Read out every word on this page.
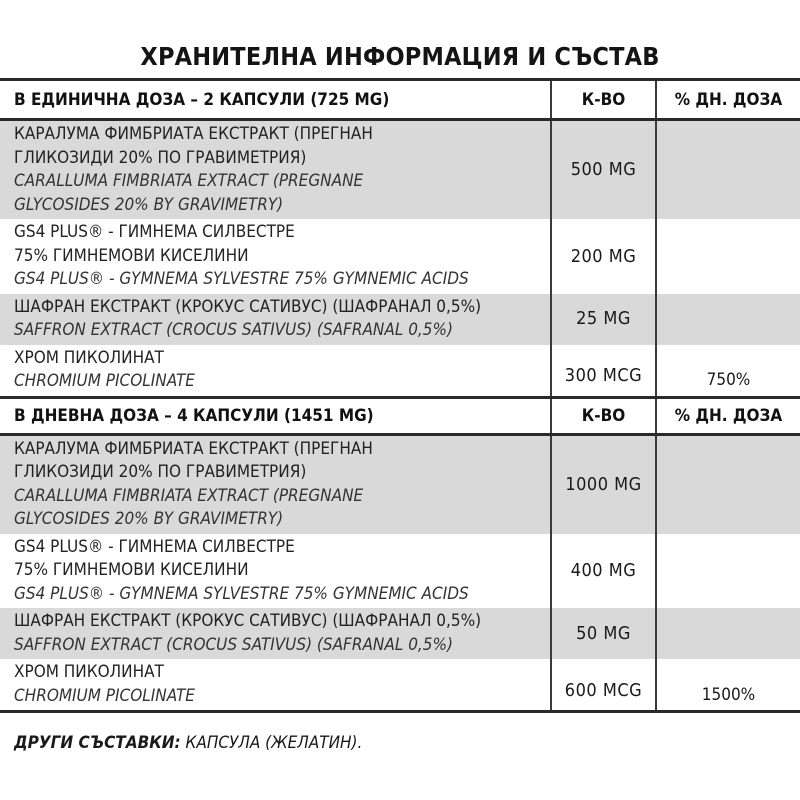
ХРАНИТЕЛНА ИНФОРМАЦИЯ И СЪСТАВ
В ЕДИНИЧНА ДОЗА – 2 КАПСУЛИ (725 MG)	К-ВО	% ДН. ДОЗА

КАРАЛУМА ФИМБРИАТА ЕКСТРАКТ (ПРЕГНАН
ГЛИКОЗИДИ 20% ПО ГРАВИМЕТРИЯ)
CARALLUMA FIMBRIATA EXTRACT (PREGNANE
GLYCOSIDES 20% BY GRAVIMETRY)	500 MG	

GS4 PLUS® - ГИМНЕМА СИЛВЕСТРЕ
75% ГИМНЕМОВИ КИСЕЛИНИ
GS4 PLUS® - GYMNEMA SYLVESTRE 75% GYMNEMIC ACIDS	200 MG	

ШАФРАН ЕКСТРАКТ (КРОКУС САТИВУС) (ШАФРАНАЛ 0,5%)
SAFFRON EXTRACT (CROCUS SATIVUS) (SAFRANAL 0,5%)	25 MG	

ХРОМ ПИКОЛИНАТ
CHROMIUM PICOLINATE	300 MCG	750%
В ДНЕВНА ДОЗА – 4 КАПСУЛИ (1451 MG)	К-ВО	% ДН. ДОЗА

КАРАЛУМА ФИМБРИАТА ЕКСТРАКТ (ПРЕГНАН
ГЛИКОЗИДИ 20% ПО ГРАВИМЕТРИЯ)
CARALLUMA FIMBRIATA EXTRACT (PREGNANE
GLYCOSIDES 20% BY GRAVIMETRY)	1000 MG	

GS4 PLUS® - ГИМНЕМА СИЛВЕСТРЕ
75% ГИМНЕМОВИ КИСЕЛИНИ
GS4 PLUS® - GYMNEMA SYLVESTRE 75% GYMNEMIC ACIDS	400 MG	

ШАФРАН ЕКСТРАКТ (КРОКУС САТИВУС) (ШАФРАНАЛ 0,5%)
SAFFRON EXTRACT (CROCUS SATIVUS) (SAFRANAL 0,5%)	50 MG	

ХРОМ ПИКОЛИНАТ
CHROMIUM PICOLINATE	600 MCG	1500%
ДРУГИ СЪСТАВКИ: КАПСУЛА (ЖЕЛАТИН).
